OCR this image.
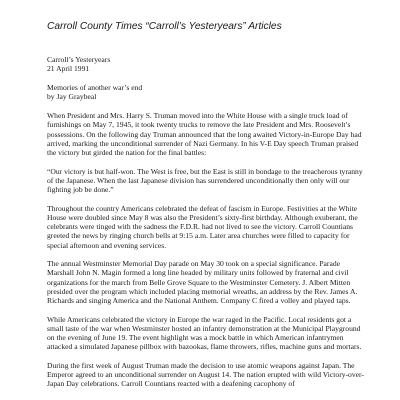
Carroll County Times “Carroll’s Yesteryears” Articles

Carroll’s Yesteryears

21 April 1991

Memories of another war’s end

by Jay Graybeal

When President and Mrs. Harry S. Truman moved into the White House with a single truck load of furnishings on May 7, 1945, it took twenty trucks to remove the late President and Mrs. Roosevelt’s possessions. On the following day Truman announced that the long awaited Victory-in-Europe Day had arrived, marking the unconditional surrender of Nazi Germany. In his V-E Day speech Truman praised the victory but girded the nation for the final battles:

“Our victory is but half-won. The West is free, but the East is still in bondage to the treacherous tyranny of the Japanese. When the last Japanese division has surrendered unconditionally then only will our fighting job be done.”

Throughout the country Americans celebrated the defeat of fascism in Europe. Festivities at the White House were doubled since May 8 was also the President’s sixty-first birthday. Although exuberant, the celebrants were tinged with the sadness the F.D.R. had not lived to see the victory. Carroll Countians greeted the news by ringing church bells at 9:15 a.m. Later area churches were filled to capacity for special afternoon and evening services.

The annual Westminster Memorial Day parade on May 30 took on a special significance. Parade Marshall John N. Magin formed a long line headed by military units followed by fraternal and civil organizations for the march from Belle Grove Square to the Westminster Cemetery. J. Albert Mitten presided over the program which included placing memorial wreaths, an address by the Rev. James A. Richards and singing America and the National Anthem. Company C fired a volley and played taps.

While Americans celebrated the victory in Europe the war raged in the Pacific. Local residents got a small taste of the war when Westminster hosted an infantry demonstration at the Municipal Playground on the evening of June 19. The event highlight was a mock battle in which American infantrymen attacked a simulated Japanese pillbox with bazookas, flame throwers, rifles, machine guns and mortars.

During the first week of August Truman made the decision to use atomic weapons against Japan. The Emperor agreed to an unconditional surrender on August 14. The nation erupted with wild Victory-over-Japan Day celebrations. Carroll Countians reacted with a deafening cacophony of
